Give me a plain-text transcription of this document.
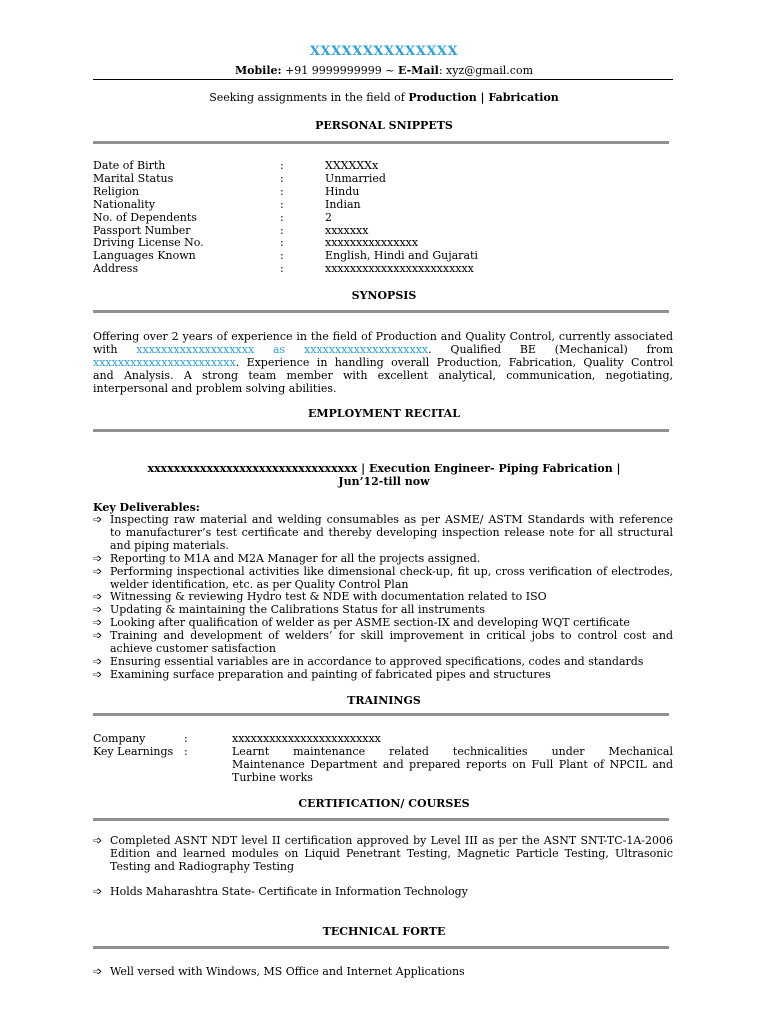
XXXXXXXXXXXXXX
Mobile: +91 9999999999 ~ E-Mail: xyz@gmail.com
Seeking assignments in the field of Production | Fabrication
PERSONAL SNIPPETS
Date of Birth	:	XXXXXXx
Marital Status	:	Unmarried
Religion	:	Hindu
Nationality	:	Indian
No. of Dependents	:	2
Passport Number	:	xxxxxxx
Driving License No.	:	xxxxxxxxxxxxxxx
Languages Known	:	English, Hindi and Gujarati
Address	:	xxxxxxxxxxxxxxxxxxxxxxxx
SYNOPSIS
Offering over 2 years of experience in the field of Production and Quality Control, currently associated
with xxxxxxxxxxxxxxxxxxx as xxxxxxxxxxxxxxxxxxxx. Qualified BE (Mechanical) from
xxxxxxxxxxxxxxxxxxxxxxx. Experience in handling overall Production, Fabrication, Quality Control
and Analysis. A strong team member with excellent analytical, communication, negotiating,
interpersonal and problem solving abilities.
EMPLOYMENT RECITAL
xxxxxxxxxxxxxxxxxxxxxxxxxxxxxxxx | Execution Engineer- Piping Fabrication |
Jun’12-till now
Key Deliverables:
➩ Inspecting raw material and welding consumables as per ASME/ ASTM Standards with reference
to manufacturer’s test certificate and thereby developing inspection release note for all structural
and piping materials.
➩ Reporting to M1A and M2A Manager for all the projects assigned.
➩ Performing inspectional activities like dimensional check-up, fit up, cross verification of electrodes,
welder identification, etc. as per Quality Control Plan
➩ Witnessing & reviewing Hydro test & NDE with documentation related to ISO
➩ Updating & maintaining the Calibrations Status for all instruments
➩ Looking after qualification of welder as per ASME section-IX and developing WQT certificate
➩ Training and development of welders’ for skill improvement in critical jobs to control cost and
achieve customer satisfaction
➩ Ensuring essential variables are in accordance to approved specifications, codes and standards
➩ Examining surface preparation and painting of fabricated pipes and structures
TRAININGS
Company	:	xxxxxxxxxxxxxxxxxxxxxxxx
Key Learnings :	Learnt maintenance related technicalities under Mechanical
Maintenance Department and prepared reports on Full Plant of NPCIL and
Turbine works
CERTIFICATION/ COURSES
➩ Completed ASNT NDT level II certification approved by Level III as per the ASNT SNT-TC-1A-2006
Edition and learned modules on Liquid Penetrant Testing, Magnetic Particle Testing, Ultrasonic
Testing and Radiography Testing
➩ Holds Maharashtra State- Certificate in Information Technology
TECHNICAL FORTE
➩ Well versed with Windows, MS Office and Internet Applications
